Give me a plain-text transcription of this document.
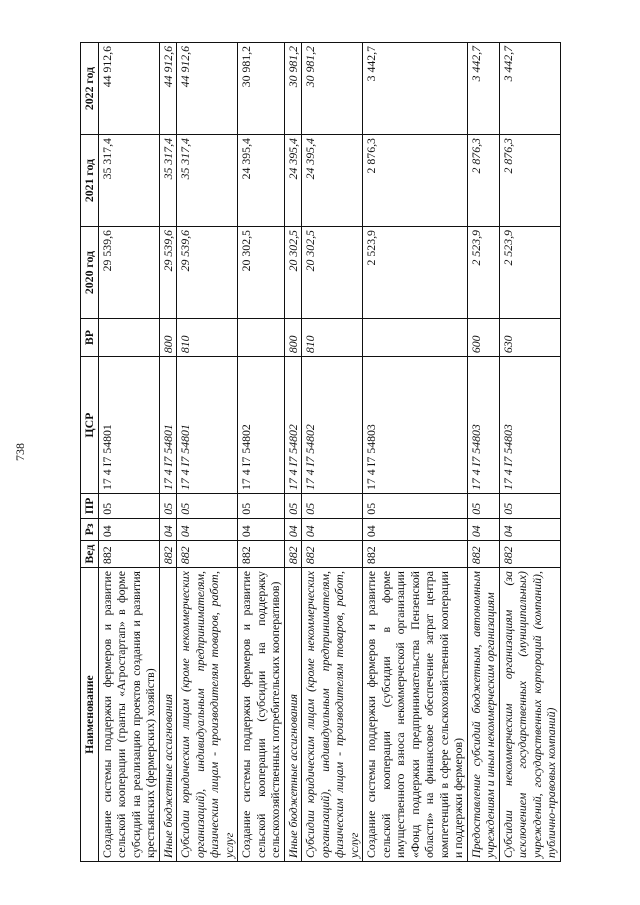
738
Наименование	Вед	Рз	ПР	ЦСР	ВР	2020 год	2021 год	2022 год
Создание системы поддержки фермеров и развитие сельской кооперации (гранты «Агростартап» в форме субсидий на реализацию проектов создания и развития крестьянских (фермерских) хозяйств)	882	04	05	17 4 I7 54801		29 539,6	35 317,4	44 912,6
Иные бюджетные ассигнования	882	04	05	17 4 I7 54801	800	29 539,6	35 317,4	44 912,6
Субсидии юридическим лицам (кроме некоммерческих организаций), индивидуальным предпринимателям, физическим лицам - производителям товаров, работ, услуг	882	04	05	17 4 I7 54801	810	29 539,6	35 317,4	44 912,6
Создание системы поддержки фермеров и развитие сельской кооперации (субсидии на поддержку сельскохозяйственных потребительских кооперативов)	882	04	05	17 4 I7 54802		20 302,5	24 395,4	30 981,2
Иные бюджетные ассигнования	882	04	05	17 4 I7 54802	800	20 302,5	24 395,4	30 981,2
Субсидии юридическим лицам (кроме некоммерческих организаций), индивидуальным предпринимателям, физическим лицам - производителям товаров, работ, услуг	882	04	05	17 4 I7 54802	810	20 302,5	24 395,4	30 981,2
Создание системы поддержки фермеров и развитие сельской кооперации (субсидии в форме имущественного взноса некоммерческой организации «Фонд поддержки предпринимательства Пензенской области» на финансовое обеспечение затрат центра компетенций в сфере сельскохозяйственной кооперации и поддержки фермеров)	882	04	05	17 4 I7 54803		2 523,9	2 876,3	3 442,7
Предоставление субсидий бюджетным, автономным учреждениям и иным некоммерческим организациям	882	04	05	17 4 I7 54803	600	2 523,9	2 876,3	3 442,7
Субсидии некоммерческим организациям (за исключением государственных (муниципальных) учреждений, государственных корпораций (компаний), публично-правовых компаний)	882	04	05	17 4 I7 54803	630	2 523,9	2 876,3	3 442,7
